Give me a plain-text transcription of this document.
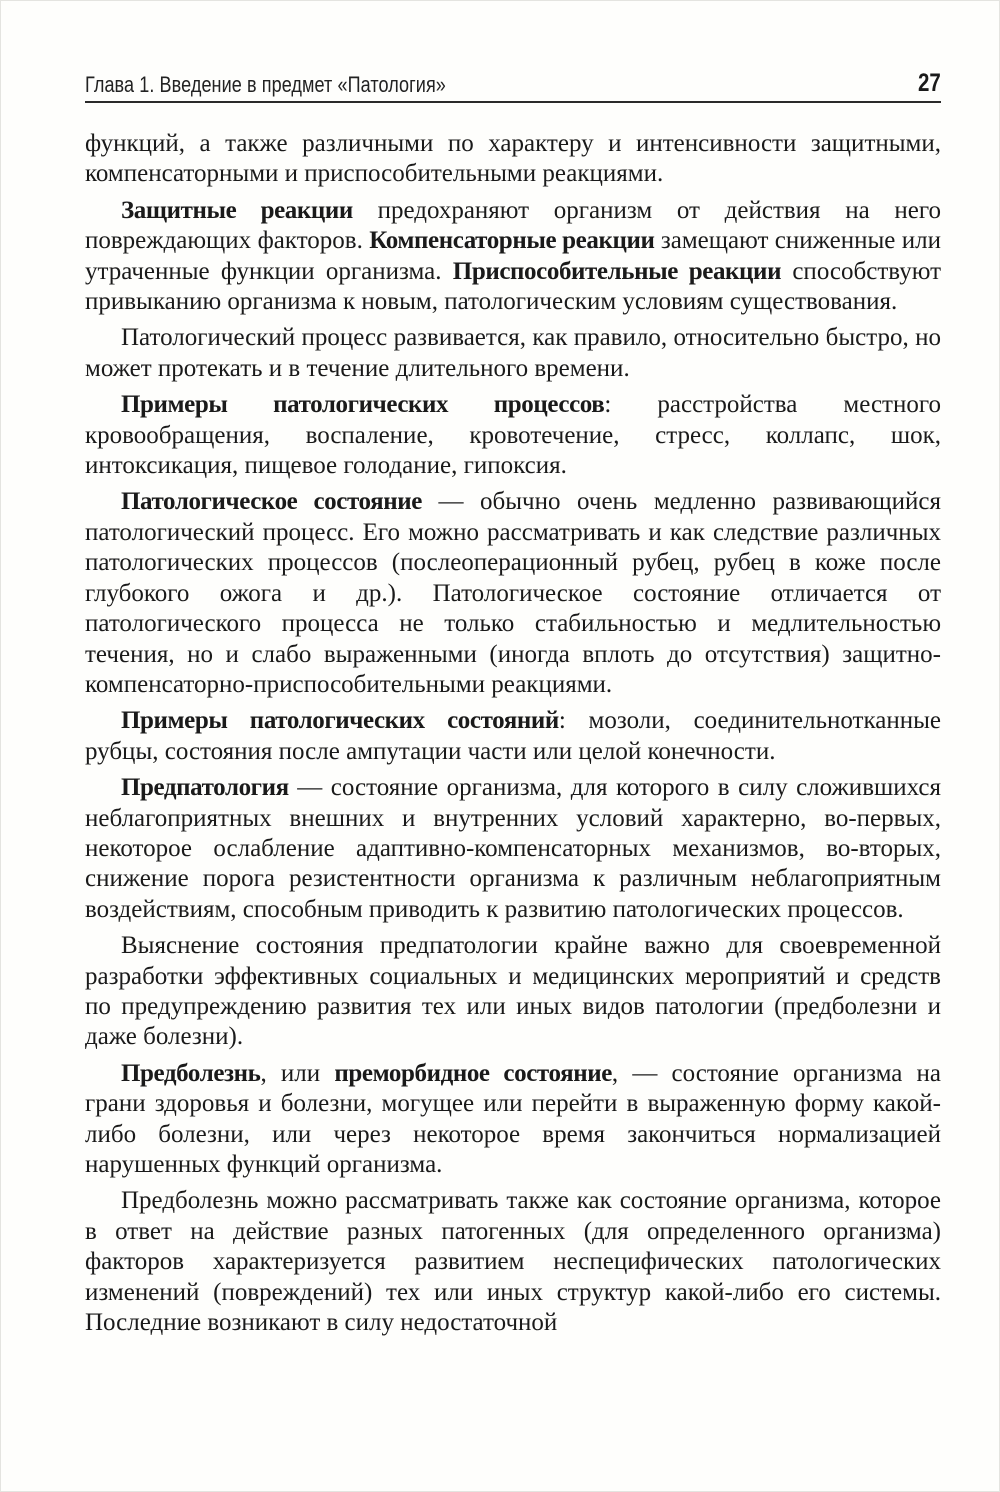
Глава 1. Введение в предмет «Патология»	27

функций, а также различными по характеру и интенсивности защитными, компенсаторными и приспособительными реакциями.

Защитные реакции предохраняют организм от действия на него повреждающих факторов. Компенсаторные реакции замещают сниженные или утраченные функции организма. Приспособительные реакции способствуют привыканию организма к новым, патологическим условиям существования.

Патологический процесс развивается, как правило, относительно быстро, но может протекать и в течение длительного времени.

Примеры патологических процессов: расстройства местного кровообращения, воспаление, кровотечение, стресс, коллапс, шок, интоксикация, пищевое голодание, гипоксия.

Патологическое состояние — обычно очень медленно развивающийся патологический процесс. Его можно рассматривать и как следствие различных патологических процессов (послеоперационный рубец, рубец в коже после глубокого ожога и др.). Патологическое состояние отличается от патологического процесса не только стабильностью и медлительностью течения, но и слабо выраженными (иногда вплоть до отсутствия) защитно-компенсаторно-приспособительными реакциями.

Примеры патологических состояний: мозоли, соединительнотканные рубцы, состояния после ампутации части или целой конечности.

Предпатология — состояние организма, для которого в силу сложившихся неблагоприятных внешних и внутренних условий характерно, во-первых, некоторое ослабление адаптивно-компенсаторных механизмов, во-вторых, снижение порога резистентности организма к различным неблагоприятным воздействиям, способным приводить к развитию патологических процессов.

Выяснение состояния предпатологии крайне важно для своевременной разработки эффективных социальных и медицинских мероприятий и средств по предупреждению развития тех или иных видов патологии (предболезни и даже болезни).

Предболезнь, или преморбидное состояние, — состояние организма на грани здоровья и болезни, могущее или перейти в выраженную форму какой-либо болезни, или через некоторое время закончиться нормализацией нарушенных функций организма.

Предболезнь можно рассматривать также как состояние организма, которое в ответ на действие разных патогенных (для определенного организма) факторов характеризуется развитием неспецифических патологических изменений (повреждений) тех или иных структур какой-либо его системы. Последние возникают в силу недостаточной
